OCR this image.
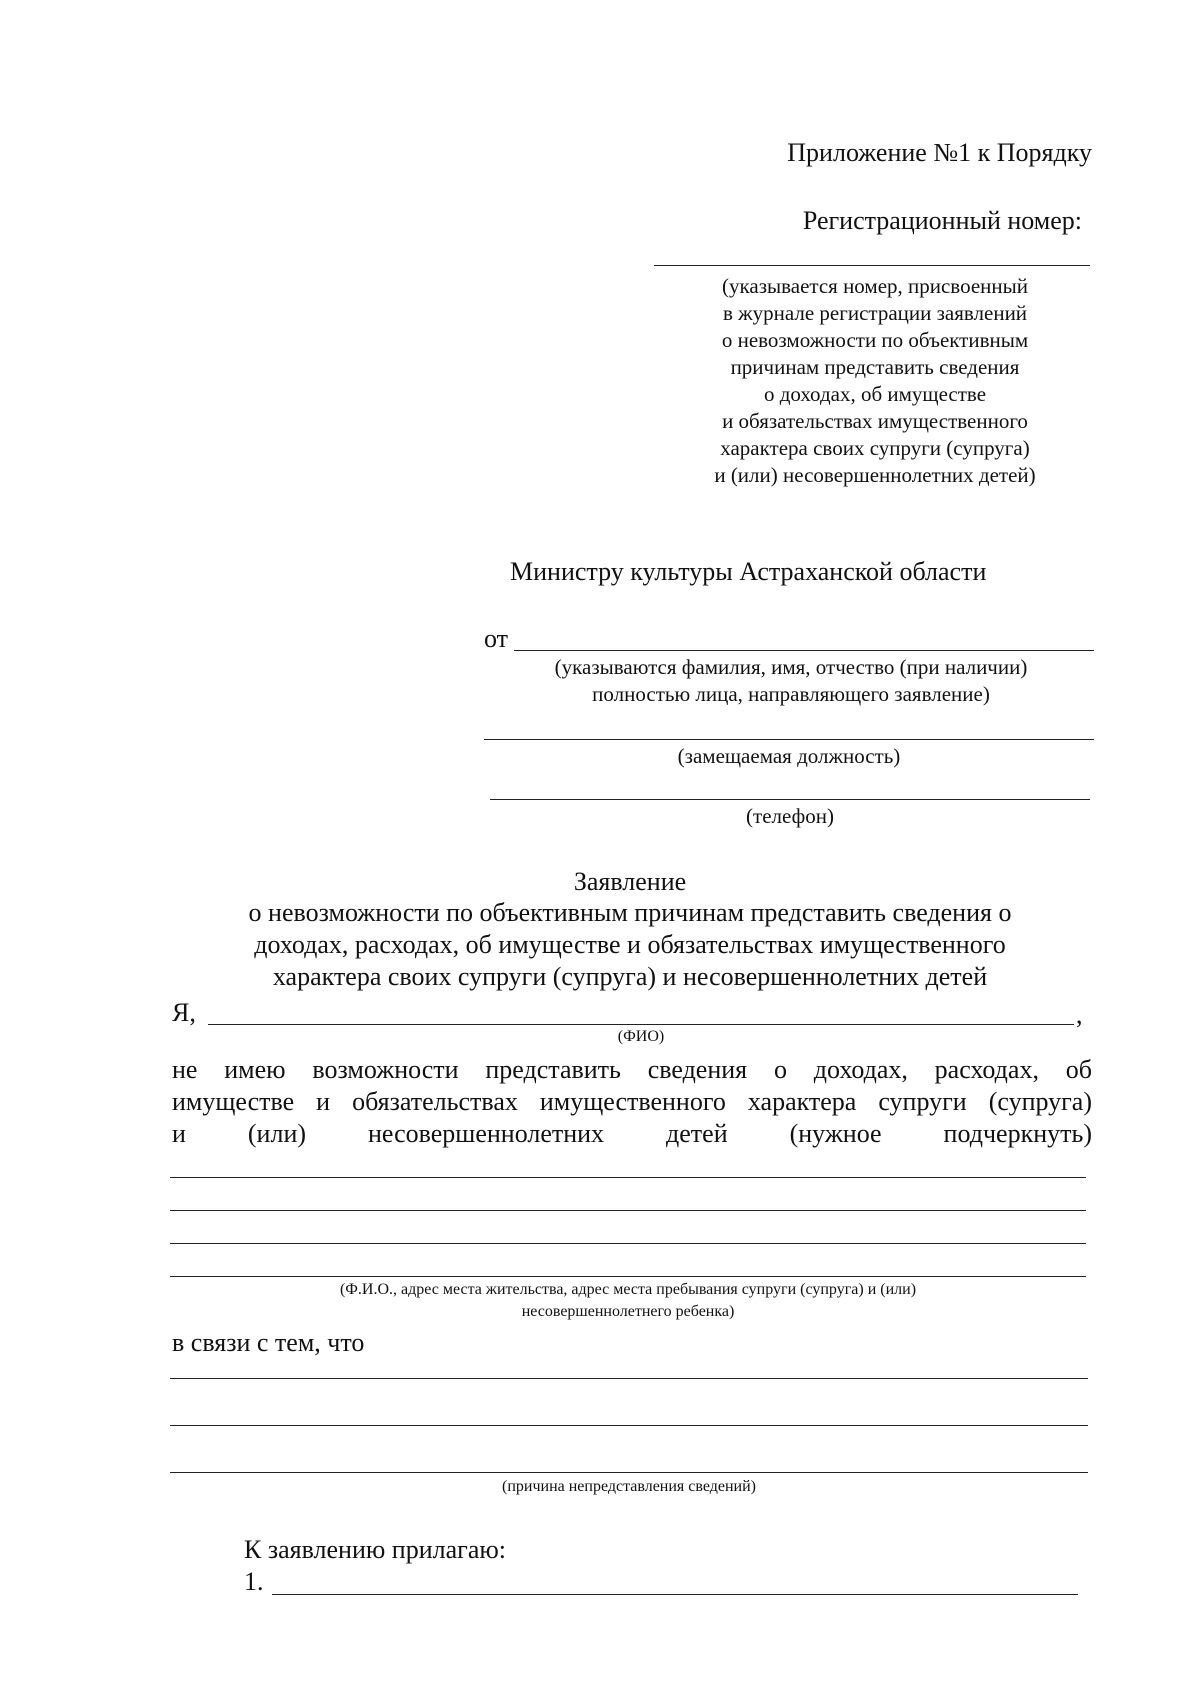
Приложение №1 к Порядку
Регистрационный номер:
(указывается номер, присвоенный
в журнале регистрации заявлений
о невозможности по объективным
причинам представить сведения
о доходах, об имуществе
и обязательствах имущественного
характера своих супруги (супруга)
и (или) несовершеннолетних детей)
Министру культуры Астраханской области
от
(указываются фамилия, имя, отчество (при наличии)
полностью лица, направляющего заявление)
(замещаемая должность)
(телефон)
Заявление
о невозможности по объективным причинам представить сведения о
доходах, расходах, об имуществе и обязательствах имущественного
характера своих супруги (супруга) и несовершеннолетних детей
Я,	,
(ФИО)
не имею возможности представить сведения о доходах, расходах, об
имуществе и обязательствах имущественного характера супруги (супруга)
и (или) несовершеннолетних детей (нужное подчеркнуть)
(Ф.И.О., адрес места жительства, адрес места пребывания супруги (супруга) и (или)
несовершеннолетнего ребенка)
в связи с тем, что
(причина непредставления сведений)
К заявлению прилагаю:
1.
